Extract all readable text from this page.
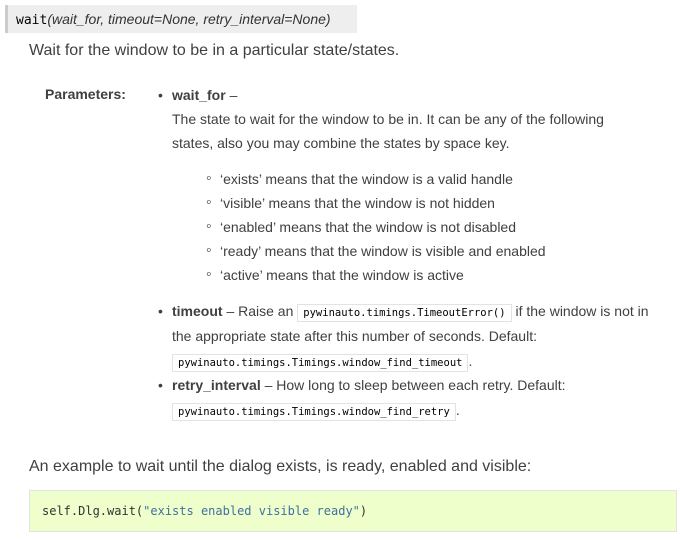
wait(wait_for, timeout=None, retry_interval=None)

Wait for the window to be in a particular state/states.

Parameters:
•	wait_for –
The state to wait for the window to be in. It can be any of the following
states, also you may combine the states by space key.
◦ ‘exists’ means that the window is a valid handle
◦ ‘visible’ means that the window is not hidden
◦ ‘enabled’ means that the window is not disabled
◦ ‘ready’ means that the window is visible and enabled
◦ ‘active’ means that the window is active
• timeout – Raise an pywinauto.timings.TimeoutError() if the window is not in
the appropriate state after this number of seconds. Default:
pywinauto.timings.Timings.window_find_timeout .
• retry_interval – How long to sleep between each retry. Default:
pywinauto.timings.Timings.window_find_retry .

An example to wait until the dialog exists, is ready, enabled and visible:

self.Dlg.wait("exists enabled visible ready")
